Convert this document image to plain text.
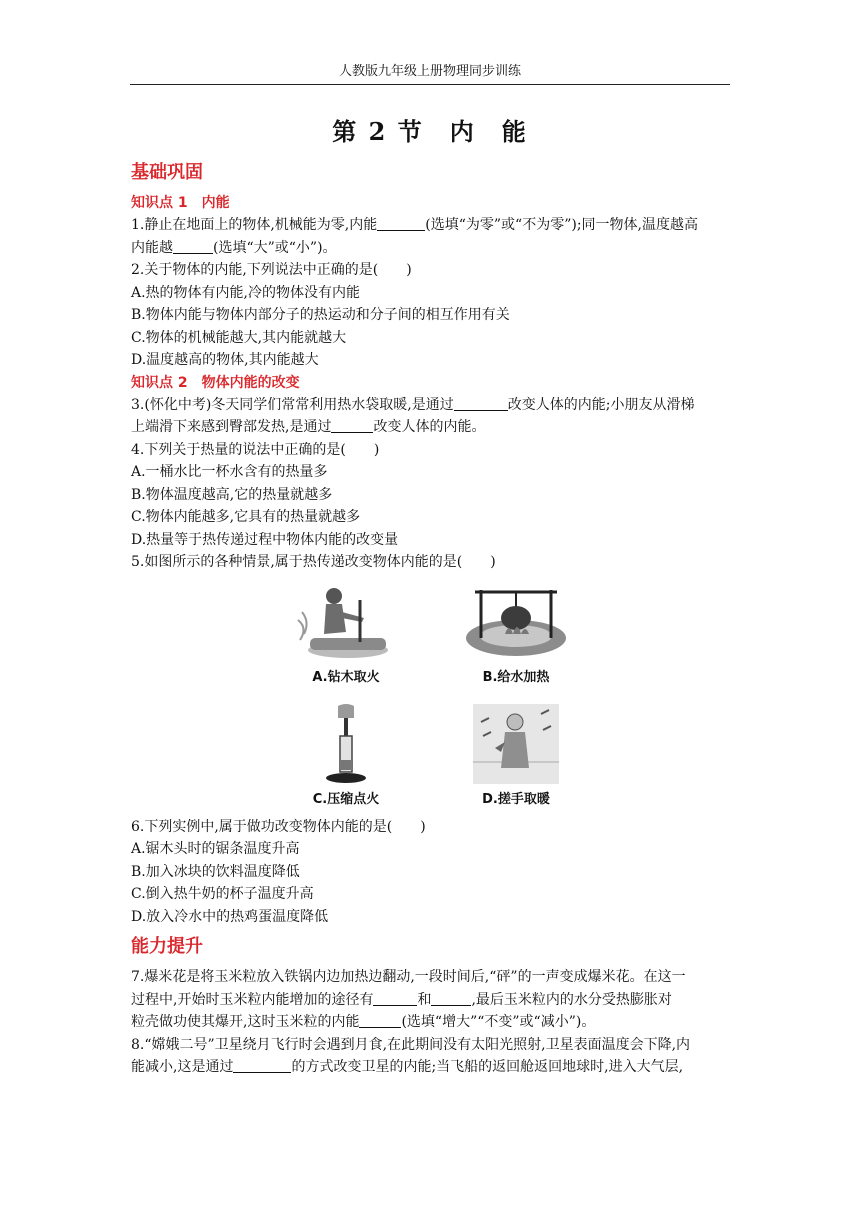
人教版九年级上册物理同步训练
第 2 节　内　能
基础巩固
知识点 1　内能
1.静止在地面上的物体,机械能为零,内能	(选填“为零”或“不为零”);同一物体,温度越高
内能越	(选填“大”或“小”)。
2.关于物体的内能,下列说法中正确的是(　　)
A.热的物体有内能,冷的物体没有内能
B.物体内能与物体内部分子的热运动和分子间的相互作用有关
C.物体的机械能越大,其内能就越大
D.温度越高的物体,其内能越大
知识点 2　物体内能的改变
3.(怀化中考)冬天同学们常常利用热水袋取暖,是通过	改变人体的内能;小朋友从滑梯
上端滑下来感到臀部发热,是通过	改变人体的内能。
4.下列关于热量的说法中正确的是(　　)
A.一桶水比一杯水含有的热量多
B.物体温度越高,它的热量就越多
C.物体内能越多,它具有的热量就越多
D.热量等于热传递过程中物体内能的改变量
5.如图所示的各种情景,属于热传递改变物体内能的是(　　)
A.钻木取火	B.给水加热
C.压缩点火	D.搓手取暖
6.下列实例中,属于做功改变物体内能的是(　　)
A.锯木头时的锯条温度升高
B.加入冰块的饮料温度降低
C.倒入热牛奶的杯子温度升高
D.放入冷水中的热鸡蛋温度降低
能力提升
7.爆米花是将玉米粒放入铁锅内边加热边翻动,一段时间后,“砰”的一声变成爆米花。在这一
过程中,开始时玉米粒内能增加的途径有	和	,最后玉米粒内的水分受热膨胀对
粒壳做功使其爆开,这时玉米粒的内能	(选填“增大”“不变”或“减小”)。
8.“嫦娥二号”卫星绕月飞行时会遇到月食,在此期间没有太阳光照射,卫星表面温度会下降,内
能减小,这是通过	的方式改变卫星的内能;当飞船的返回舱返回地球时,进入大气层,
